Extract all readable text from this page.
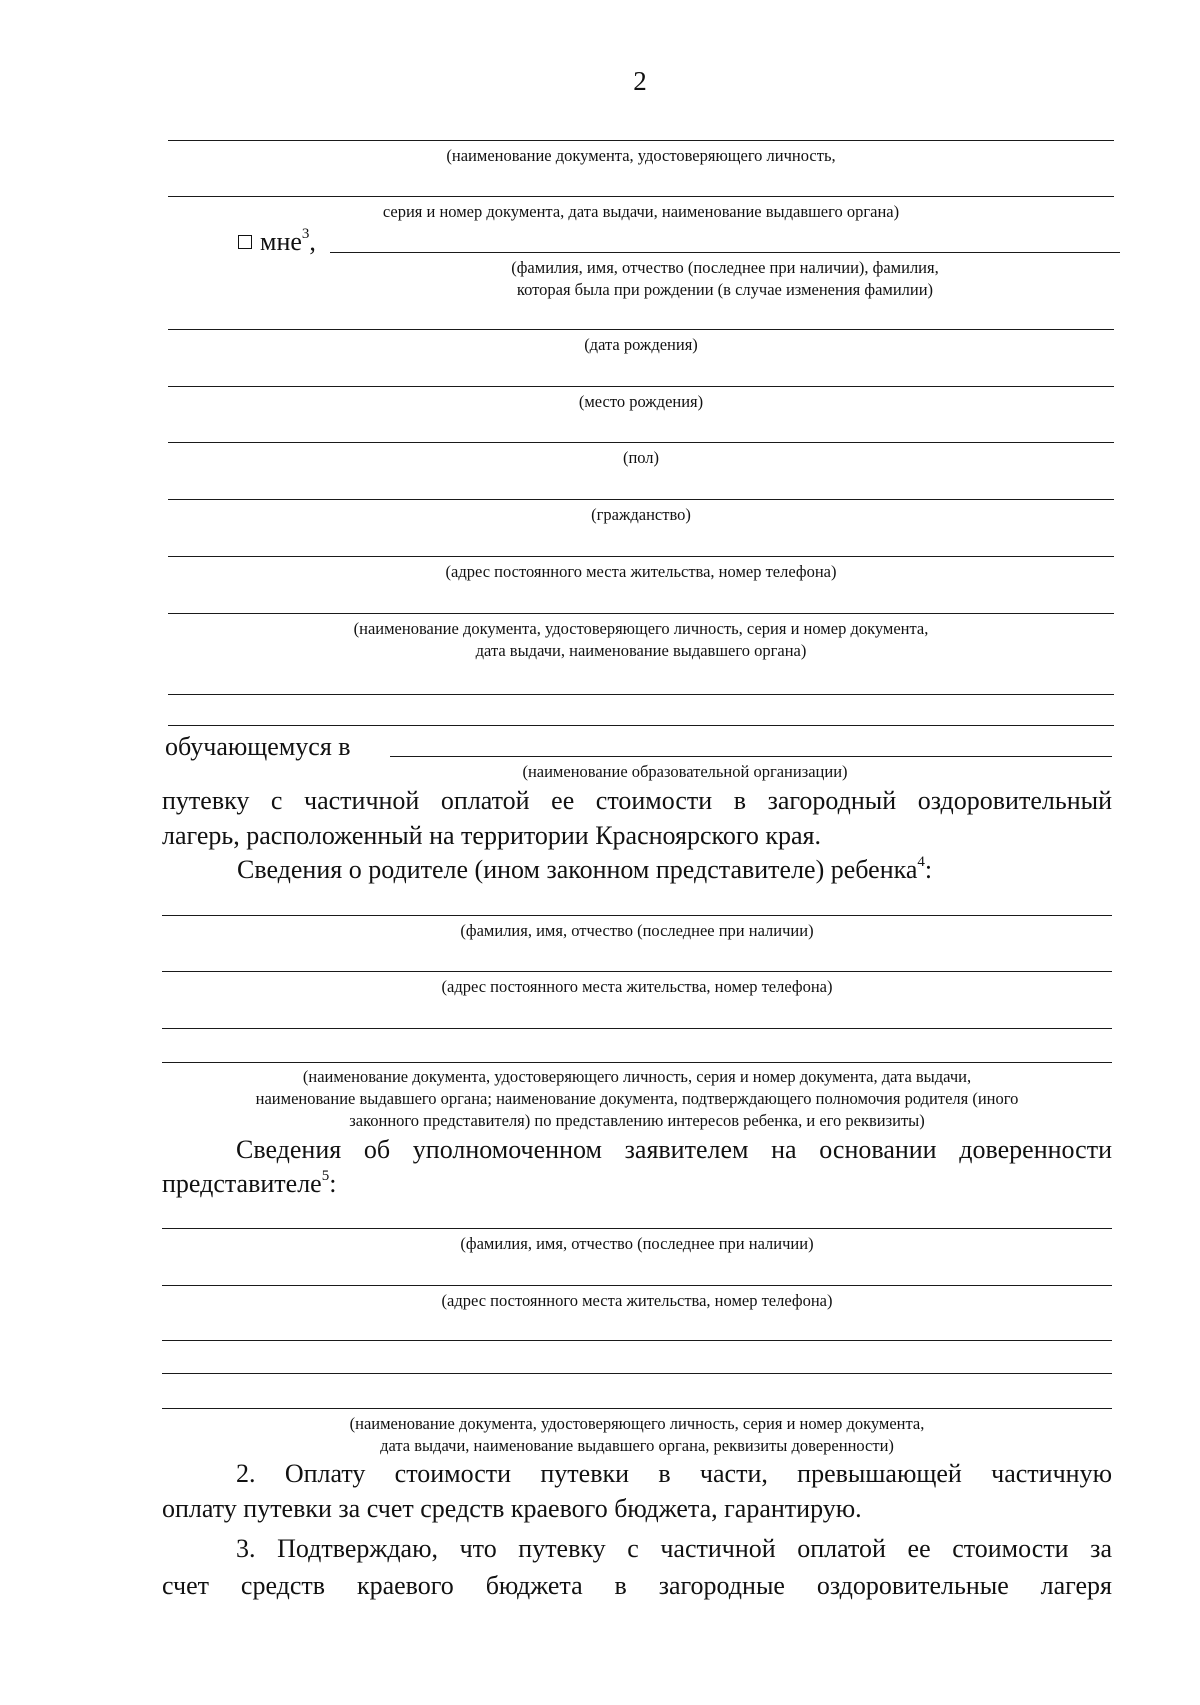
2
(наименование документа, удостоверяющего личность,
серия и номер документа, дата выдачи, наименование выдавшего органа)
мне$^3$,
(фамилия, имя, отчество (последнее при наличии), фамилия,
которая была при рождении (в случае изменения фамилии)
(дата рождения)
(место рождения)
(пол)
(гражданство)
(адрес постоянного места жительства, номер телефона)
(наименование документа, удостоверяющего личность, серия и номер документа,
дата выдачи, наименование выдавшего органа)
обучающемуся в
(наименование образовательной организации)
путевку с частичной оплатой ее стоимости в загородный оздоровительный
лагерь, расположенный на территории Красноярского края.
Сведения о родителе (ином законном представителе) ребенка$^4$:
(фамилия, имя, отчество (последнее при наличии)
(адрес постоянного места жительства, номер телефона)
(наименование документа, удостоверяющего личность, серия и номер документа, дата выдачи,
наименование выдавшего органа; наименование документа, подтверждающего полномочия родителя (иного
законного представителя) по представлению интересов ребенка, и его реквизиты)
Сведения об уполномоченном заявителем на основании доверенности
представителе$^5$:
(фамилия, имя, отчество (последнее при наличии)
(адрес постоянного места жительства, номер телефона)
(наименование документа, удостоверяющего личность, серия и номер документа,
дата выдачи, наименование выдавшего органа, реквизиты доверенности)
2. Оплату стоимости путевки в части, превышающей частичную
оплату путевки за счет средств краевого бюджета, гарантирую.
3. Подтверждаю, что путевку с частичной оплатой ее стоимости за
счет средств краевого бюджета в загородные оздоровительные лагеря
